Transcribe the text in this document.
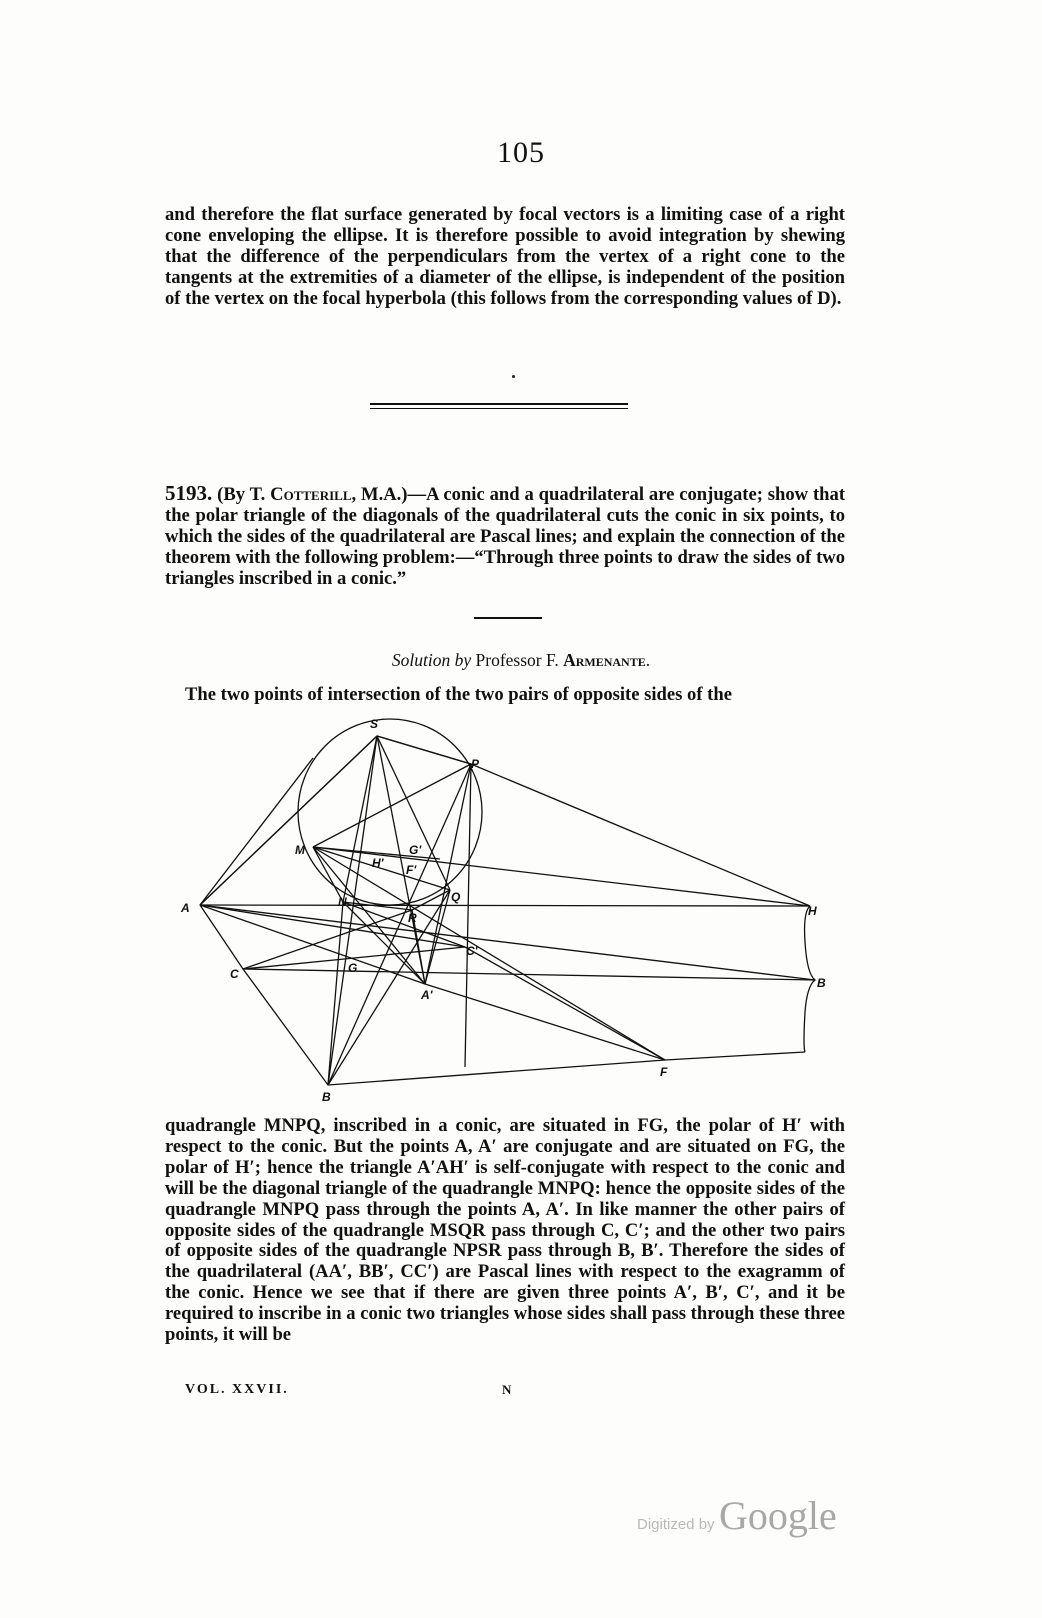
105
and therefore the flat surface generated by focal vectors is a limiting case of a right cone enveloping the ellipse. It is therefore possible to avoid integration by shewing that the difference of the perpendiculars from the vertex of a right cone to the tangents at the extremities of a diameter of the ellipse, is independent of the position of the vertex on the focal hyperbola (this follows from the corresponding values of D).
5193. (By T. Cotterill, M.A.)—A conic and a quadrilateral are conjugate; show that the polar triangle of the diagonals of the quadrilateral cuts the conic in six points, to which the sides of the quadrilateral are Pascal lines; and explain the connection of the theorem with the following problem:—“Through three points to draw the sides of two triangles inscribed in a conic.”
Solution by Professor F. Armenante.
The two points of intersection of the two pairs of opposite sides of the
S
P
M	G'
H' F'
Q
A	N
R
C'
C	G
A'
H
B
F
B
quadrangle MNPQ, inscribed in a conic, are situated in FG, the polar of H′ with respect to the conic. But the points A, A′ are conjugate and are situated on FG, the polar of H′; hence the triangle A′AH′ is self-conjugate with respect to the conic and will be the diagonal triangle of the quadrangle MNPQ: hence the opposite sides of the quadrangle MNPQ pass through the points A, A′. In like manner the other pairs of opposite sides of the quadrangle MSQR pass through C, C′; and the other two pairs of opposite sides of the quadrangle NPSR pass through B, B′. Therefore the sides of the quadrilateral (AA′, BB′, CC′) are Pascal lines with respect to the exagramm of the conic. Hence we see that if there are given three points A′, B′, C′, and it be required to inscribe in a conic two triangles whose sides shall pass through these three points, it will be
VOL. XXVII.	N
Digitized by Google
